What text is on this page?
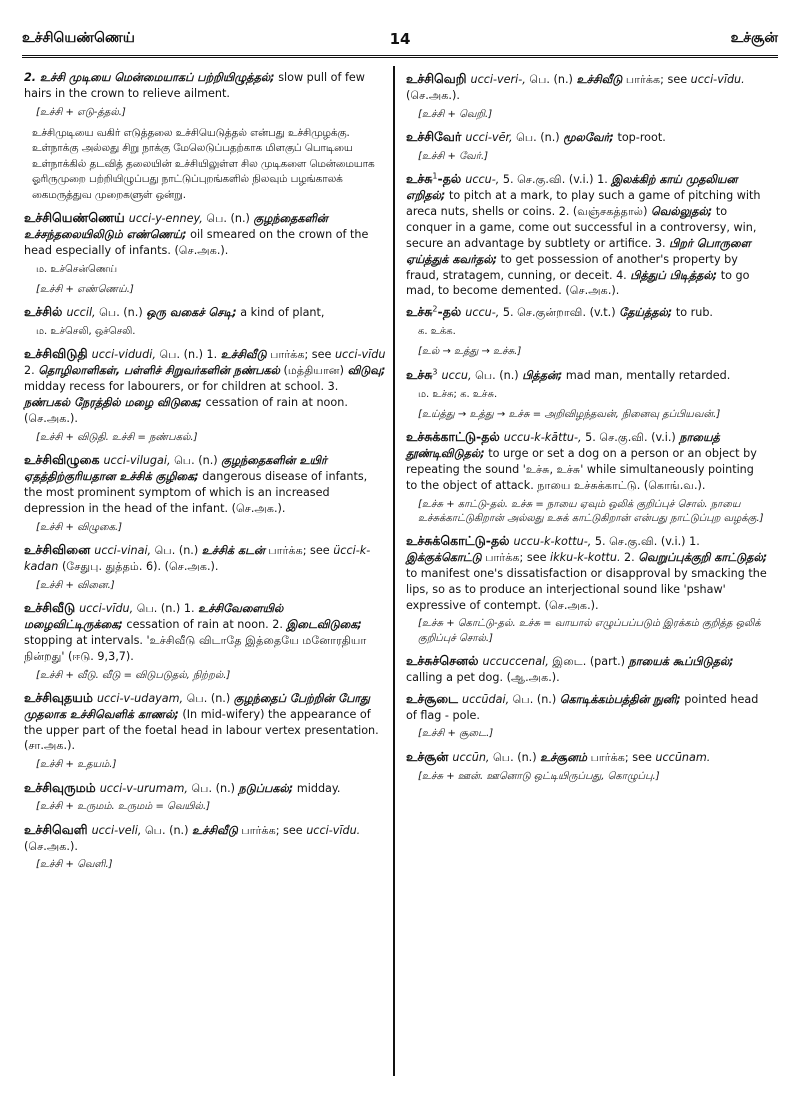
உச்சியெண்ணெய்	14	உச்சூன்
2. உச்சி முடியை மென்மையாகப் பற்றியிழுத்தல்; slow pull of few hairs in the crown to relieve ailment.
[உச்சி + எடு-த்தல்.]
உச்சிமுடியை வகிர் எடுத்தலை உச்சியெடுத்தல் என்பது உச்சிமுழக்கு. உள்நாக்கு அல்லது சிறு நாக்கு மேலெடுப்பதற்காக மிளகுப் பொடியை உள்நாக்கில் தடவித் தலையின் உச்சியிலுள்ள சில முடிகளை மென்மையாக ஓரிருமுறை பற்றியிழுப்பது நாட்டுப்புறங்களில் நிலவும் பழங்காலக் கைமருத்துவ முறைகளுள் ஒன்று.
உச்சியெண்ணெய் ucci-y-enney, பெ. (n.) குழந்தைகளின் உச்சந்தலையிலிடும் எண்ணெய்; oil smeared on the crown of the head especially of infants. (செ.அக.).
ம. உச்சென்ணெய்
[உச்சி + எண்ணெய்.]
உச்சில் uccil, பெ. (n.) ஒரு வகைச் செடி; a kind of plant,
ம. உச்செலி, ஒச்செலி.
உச்சிவிடுதி ucci-vidudi, பெ. (n.) 1. உச்சிவீடு பார்க்க; see ucci-vīdu 2. தொழிலாளிகள், பள்ளிச் சிறுவர்களின் நண்பகல் (மத்தியான) விடுவு; midday recess for labourers, or for children at school. 3. நண்பகல் நேரத்தில் மழை விடுகை; cessation of rain at noon. (செ.அக.).
[உச்சி + விடுதி. உச்சி = நண்பகல்.]
உச்சிவிழுகை ucci-vilugai, பெ. (n.) குழந்தைகளின் உயிர் ஏதத்திற்குரியதான உச்சிக் குழிகை; dangerous disease of infants, the most prominent symptom of which is an increased depression in the head of the infant. (செ.அக.).
[உச்சி + விழுகை.]
உச்சிவினை ucci-vinai, பெ. (n.) உச்சிக் கடன் பார்க்க; see ücci-k-kadan (சேதுபு. துத்தம். 6). (செ.அக.).
[உச்சி + வினை.]
உச்சிவீடு ucci-vīdu, பெ. (n.) 1. உச்சிவேளையில் மழைவிட்டிருக்கை; cessation of rain at noon. 2. இடைவிடுகை; stopping at intervals. 'உச்சிவீடு விடாதே இத்தையே மனோரதியா நின்றது' (ஈடு. 9,3,7).
[உச்சி + வீடு. வீடு = விடுபடுதல், நிற்றல்.]
உச்சிவுதயம் ucci-v-udayam, பெ. (n.) குழந்தைப் பேற்றின் போது முதலாக உச்சிவெளிக் காணல்; (In mid-wifery) the appearance of the upper part of the foetal head in labour vertex presentation. (சா.அக.).
[உச்சி + உதயம்.]
உச்சிவுருமம் ucci-v-urumam, பெ. (n.) நடுப்பகல்; midday.
[உச்சி + உருமம். உருமம் = வெயில்.]
உச்சிவெளி ucci-veli, பெ. (n.) உச்சிவீடு பார்க்க; see ucci-vīdu. (செ.அக.).
[உச்சி + வெளி.]
உச்சிவெறி ucci-veri-, பெ. (n.) உச்சிவீடு பார்க்க; see ucci-vīdu. (செ.அக.).
[உச்சி + வெறி.]
உச்சிவேர் ucci-vēr, பெ. (n.) மூலவேர்; top-root.
[உச்சி + வேர்.]
உச்சு$^1$-தல் uccu-, 5. செ.கு.வி. (v.i.) 1. இலக்கிற் காய் முதலியன எறிதல்; to pitch at a mark, to play such a game of pitching with areca nuts, shells or coins. 2. (வஞ்சகத்தால்) வெல்லுதல்; to conquer in a game, come out successful in a controversy, win, secure an advantage by subtlety or artifice. 3. பிறர் பொருளை ஏய்த்துக் கவர்தல்; to get possession of another's property by fraud, stratagem, cunning, or deceit. 4. பித்துப் பிடித்தல்; to go mad, to become demented. (செ.அக.).
உச்சு$^2$-தல் uccu-, 5. செ.குன்றாவி. (v.t.) தேய்த்தல்; to rub.
க. உக்க.
[உல் → உத்து → உச்சு.]
உச்சு$^3$ uccu, பெ. (n.) பித்தன்; mad man, mentally retarded.
ம. உச்சு; க. உச்சு.
[உய்த்து → உத்து → உச்சு = அறிவிழந்தவன், நினைவு தப்பியவன்.]
உச்சுக்காட்டு-தல் uccu-k-kāttu-, 5. செ.கு.வி. (v.i.) நாயைத் தூண்டிவிடுதல்; to urge or set a dog on a person or an object by repeating the sound 'உச்சு, உச்சு' while simultaneously pointing to the object of attack. நாயை உச்சுக்காட்டு. (கொங்.வ.).
[உச்சு + காட்டு-தல். உச்சு = நாயை ஏவும் ஒலிக் குறிப்புச் சொல். நாயை உச்சுக்காட்டுகிறான் அல்லது உசுக் காட்டுகிறான் என்பது நாட்டுப்புற வழக்கு.]
உச்சுக்கொட்டு-தல் uccu-k-kottu-, 5. செ.கு.வி. (v.i.) 1. இக்குக்கொட்டு பார்க்க; see ikku-k-kottu. 2. வெறுப்புக்குறி காட்டுதல்; to manifest one's dissatisfaction or disapproval by smacking the lips, so as to produce an interjectional sound like 'pshaw' expressive of contempt. (செ.அக.).
[உச்சு + கொட்டு-தல். உச்சு = வாயால் எழுப்பப்படும் இரக்கம் குறித்த ஒலிக் குறிப்புச் சொல்.]
உச்சுச்செனல் uccuccenal, இடை. (part.) நாயைக் கூப்பிடுதல்; calling a pet dog. (ஆ.அக.).
உச்சூடை uccūdai, பெ. (n.) கொடிக்கம்பத்தின் நுனி; pointed head of flag - pole.
[உச்சி + சூடை.]
உச்சூன் uccūn, பெ. (n.) உச்சூனம் பார்க்க; see uccūnam.
[உச்சு + ஊன். ஊனொடு ஒட்டியிருப்பது, கொழுப்பு.]
